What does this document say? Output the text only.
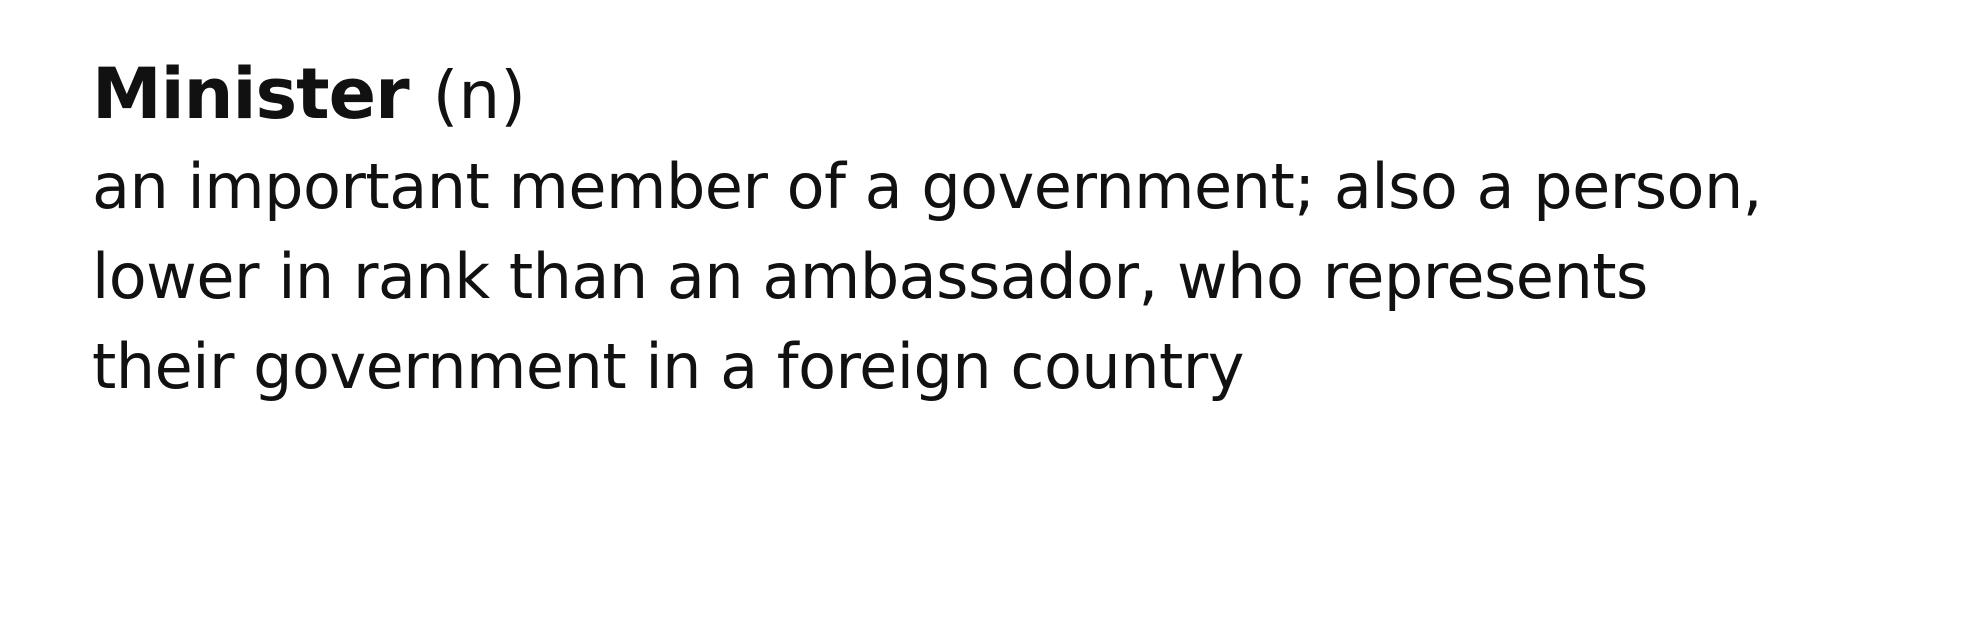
Minister (n)

an important member of a government; also a person,
lower in rank than an ambassador, who represents
their government in a foreign country
